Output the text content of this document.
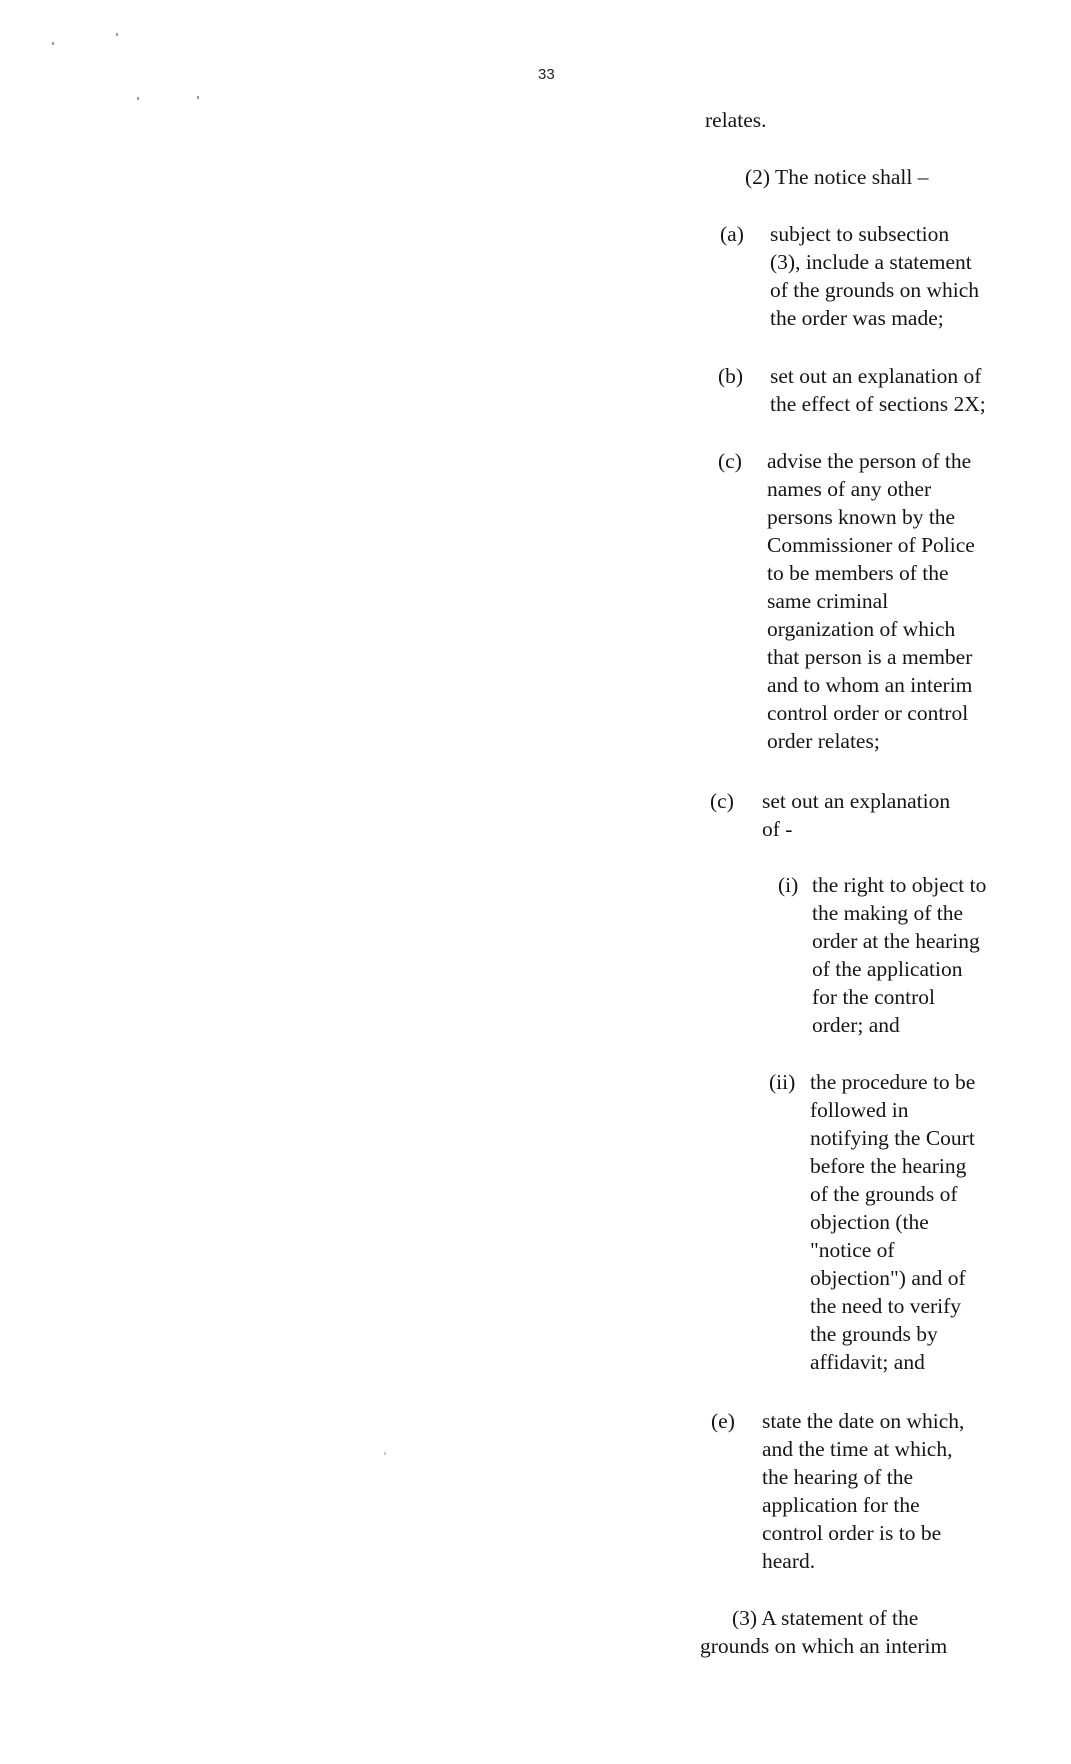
33
relates.
(2) The notice shall –
(a) subject to subsection
(3), include a statement
of the grounds on which
the order was made;
(b) set out an explanation of
the effect of sections 2X;
(c) advise the person of the
names of any other
persons known by the
Commissioner of Police
to be members of the
same criminal
organization of which
that person is a member
and to whom an interim
control order or control
order relates;
(c) set out an explanation
of -
(i) the right to object to
the making of the
order at the hearing
of the application
for the control
order; and
(ii) the procedure to be
followed in
notifying the Court
before the hearing
of the grounds of
objection (the
"notice of
objection") and of
the need to verify
the grounds by
affidavit; and
(e) state the date on which,
and the time at which,
the hearing of the
application for the
control order is to be
heard.
(3) A statement of the
grounds on which an interim
